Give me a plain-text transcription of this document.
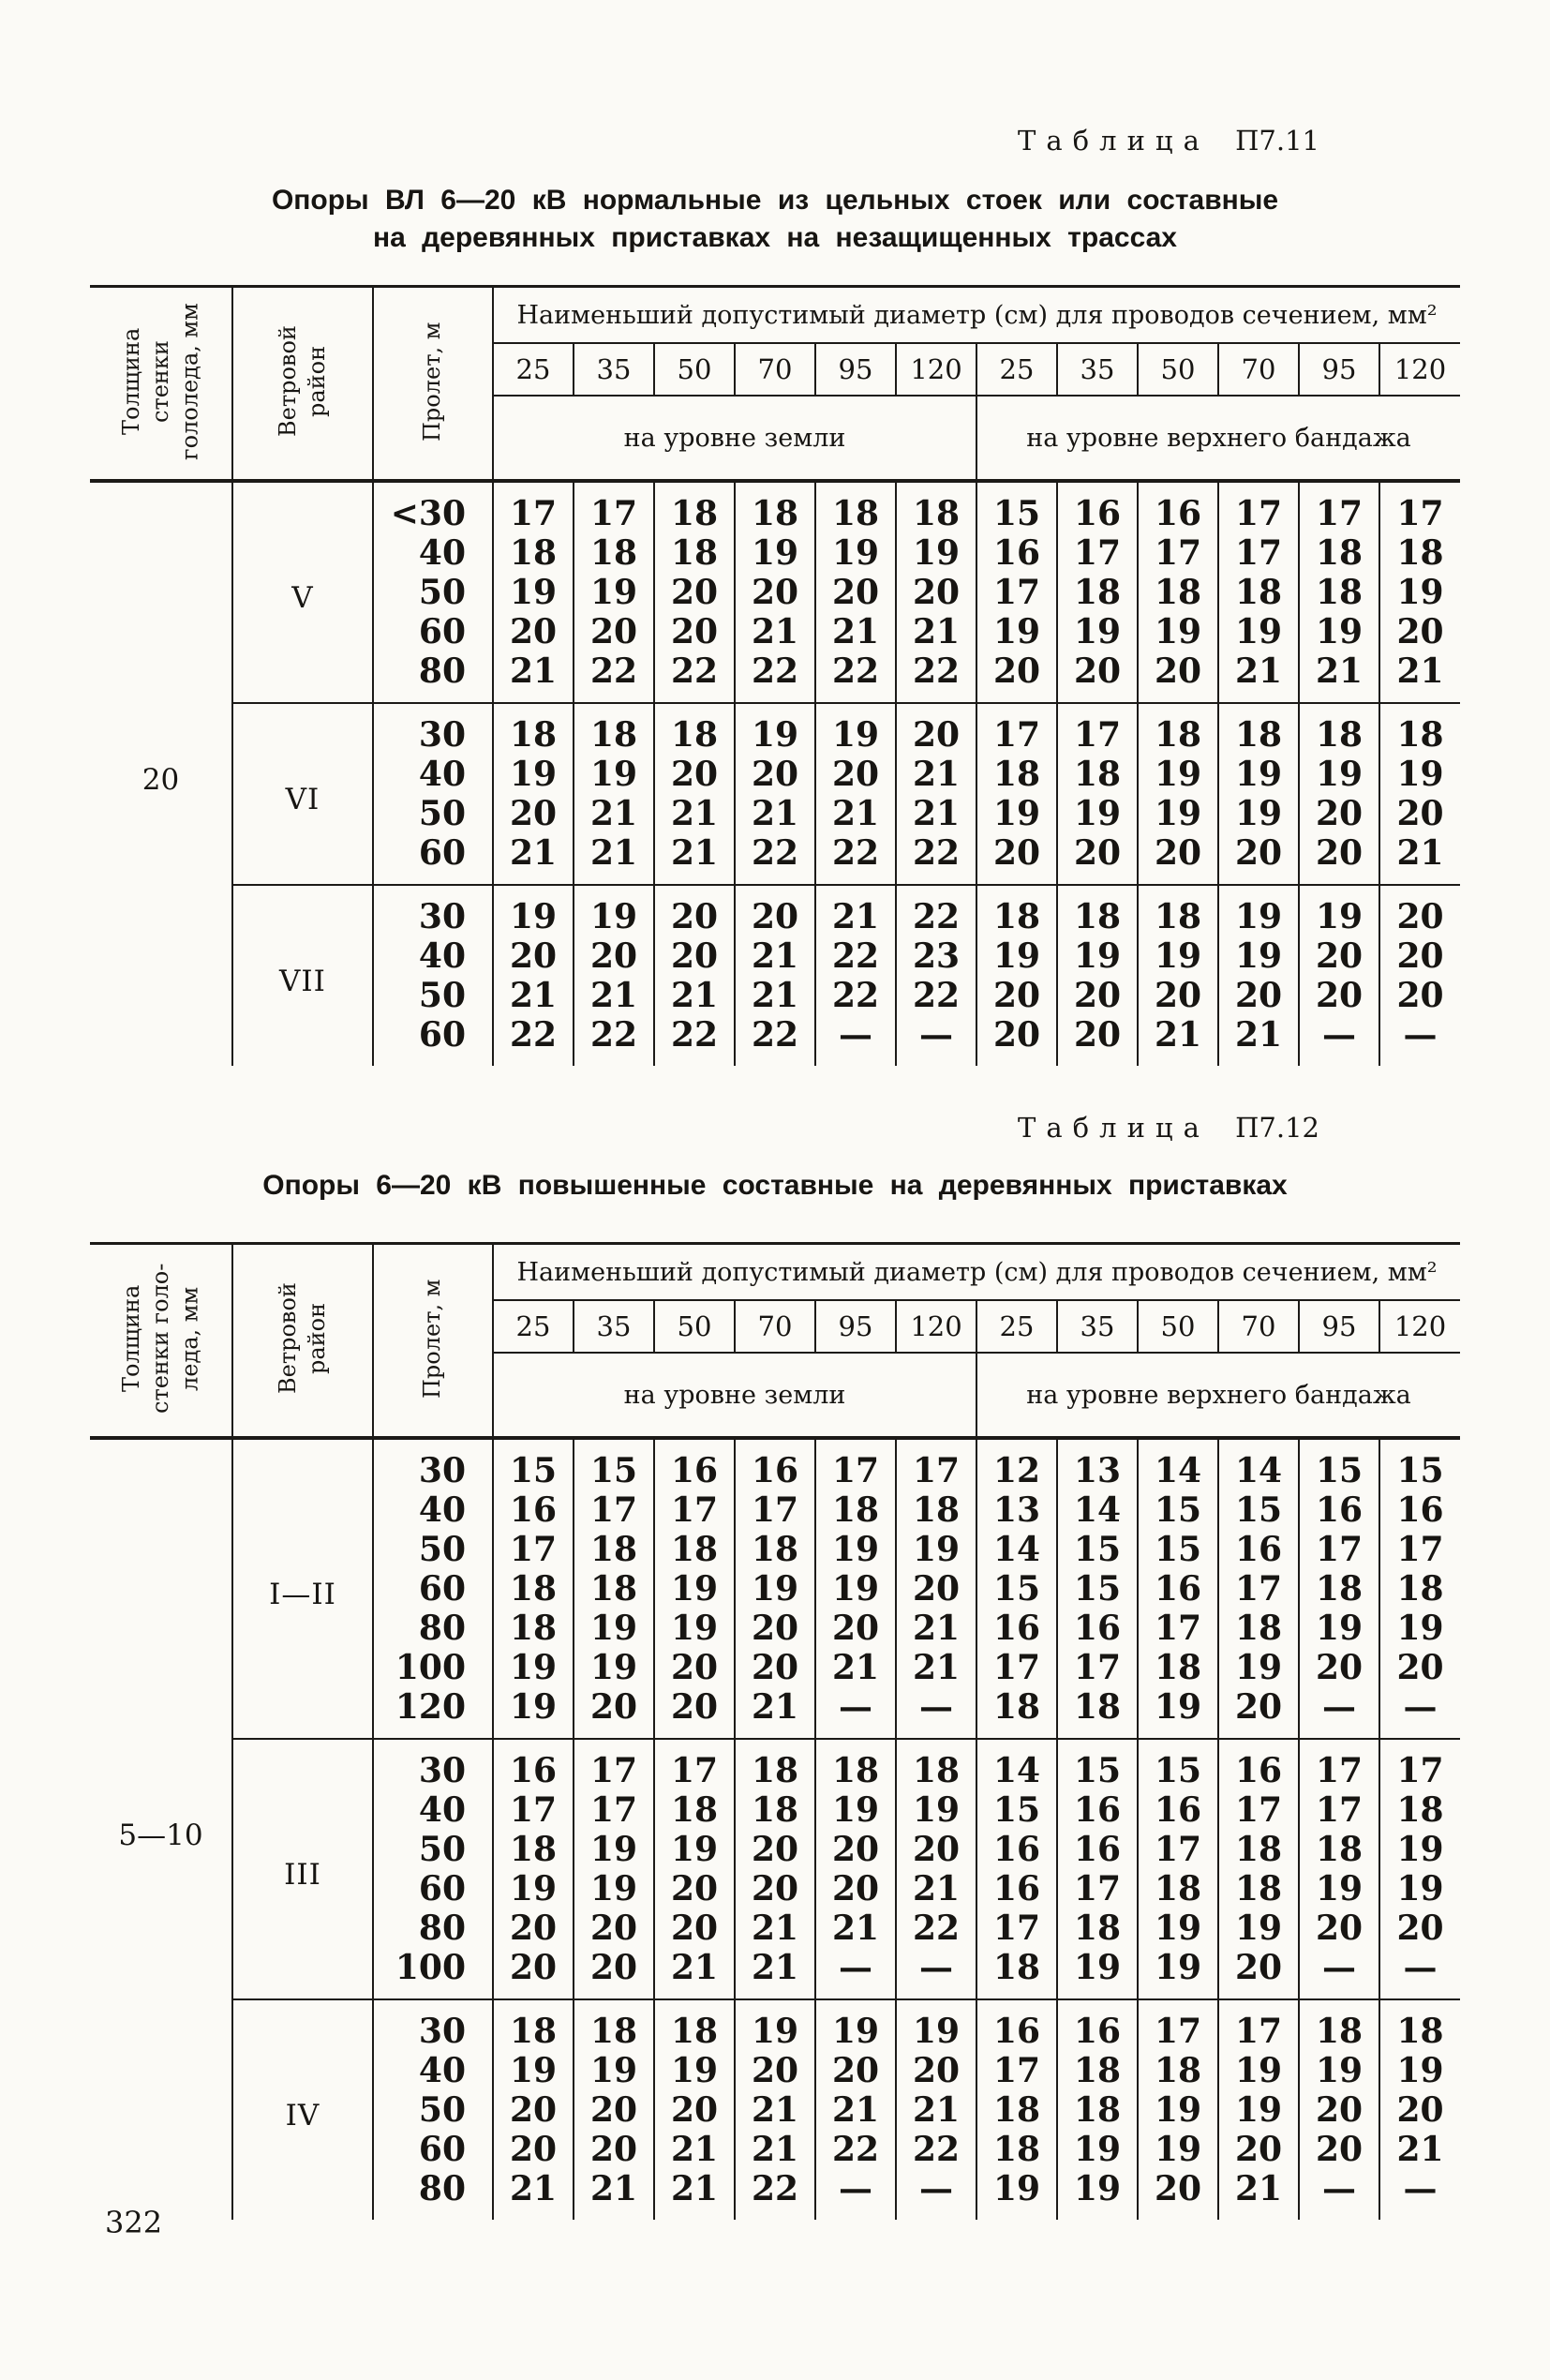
Таблица П7.11
Опоры ВЛ 6—20 кВ нормальные из цельных стоек или составные
на деревянных приставках на незащищенных трассах
Толщина стенки гололеда, мм	Ветровой район	Пролет, м	Наименьший допустимый диаметр (см) для проводов сечением, мм²											
			25	35	50	70	95	120	25	35	50	70	95	120
			на уровне земли						на уровне верхнего бандажа					
20	V	<30	17	17	18	18	18	18	15	16	16	17	17	17
		40	18	18	18	19	19	19	16	17	17	17	18	18
		50	19	19	20	20	20	20	17	18	18	18	18	19
		60	20	20	20	21	21	21	19	19	19	19	19	20
		80	21	22	22	22	22	22	20	20	20	21	21	21
	VI	30	18	18	18	19	19	20	17	17	18	18	18	18
		40	19	19	20	20	20	21	18	18	19	19	19	19
		50	20	21	21	21	21	21	19	19	19	19	20	20
		60	21	21	21	22	22	22	20	20	20	20	20	21
	VII	30	19	19	20	20	21	22	18	18	18	19	19	20
		40	20	20	20	21	22	23	19	19	19	19	20	20
		50	21	21	21	21	22	22	20	20	20	20	20	20
		60	22	22	22	22	—	—	20	20	21	21	—	—
Таблица П7.12
Опоры 6—20 кВ повышенные составные на деревянных приставках
Толщина стенки голо-леда, мм	Ветровой район	Пролет, м	Наименьший допустимый диаметр (см) для проводов сечением, мм²											
			25	35	50	70	95	120	25	35	50	70	95	120
			на уровне земли						на уровне верхнего бандажа					
5—10	I—II	30	15	15	16	16	17	17	12	13	14	14	15	15
		40	16	17	17	17	18	18	13	14	15	15	16	16
		50	17	18	18	18	19	19	14	15	15	16	17	17
		60	18	18	19	19	19	20	15	15	16	17	18	18
		80	18	19	19	20	20	21	16	16	17	18	19	19
		100	19	19	20	20	21	21	17	17	18	19	20	20
		120	19	20	20	21	—	—	18	18	19	20	—	—
	III	30	16	17	17	18	18	18	14	15	15	16	17	17
		40	17	17	18	18	19	19	15	16	16	17	17	18
		50	18	19	19	20	20	20	16	16	17	18	18	19
		60	19	19	20	20	20	21	16	17	18	18	19	19
		80	20	20	20	21	21	22	17	18	19	19	20	20
		100	20	20	21	21	—	—	18	19	19	20	—	—
	IV	30	18	18	18	19	19	19	16	16	17	17	18	18
		40	19	19	19	20	20	20	17	18	18	19	19	19
		50	20	20	20	21	21	21	18	18	19	19	20	20
		60	20	20	21	21	22	22	18	19	19	20	20	21
		80	21	21	21	22	—	—	19	19	20	21	—	—
322
